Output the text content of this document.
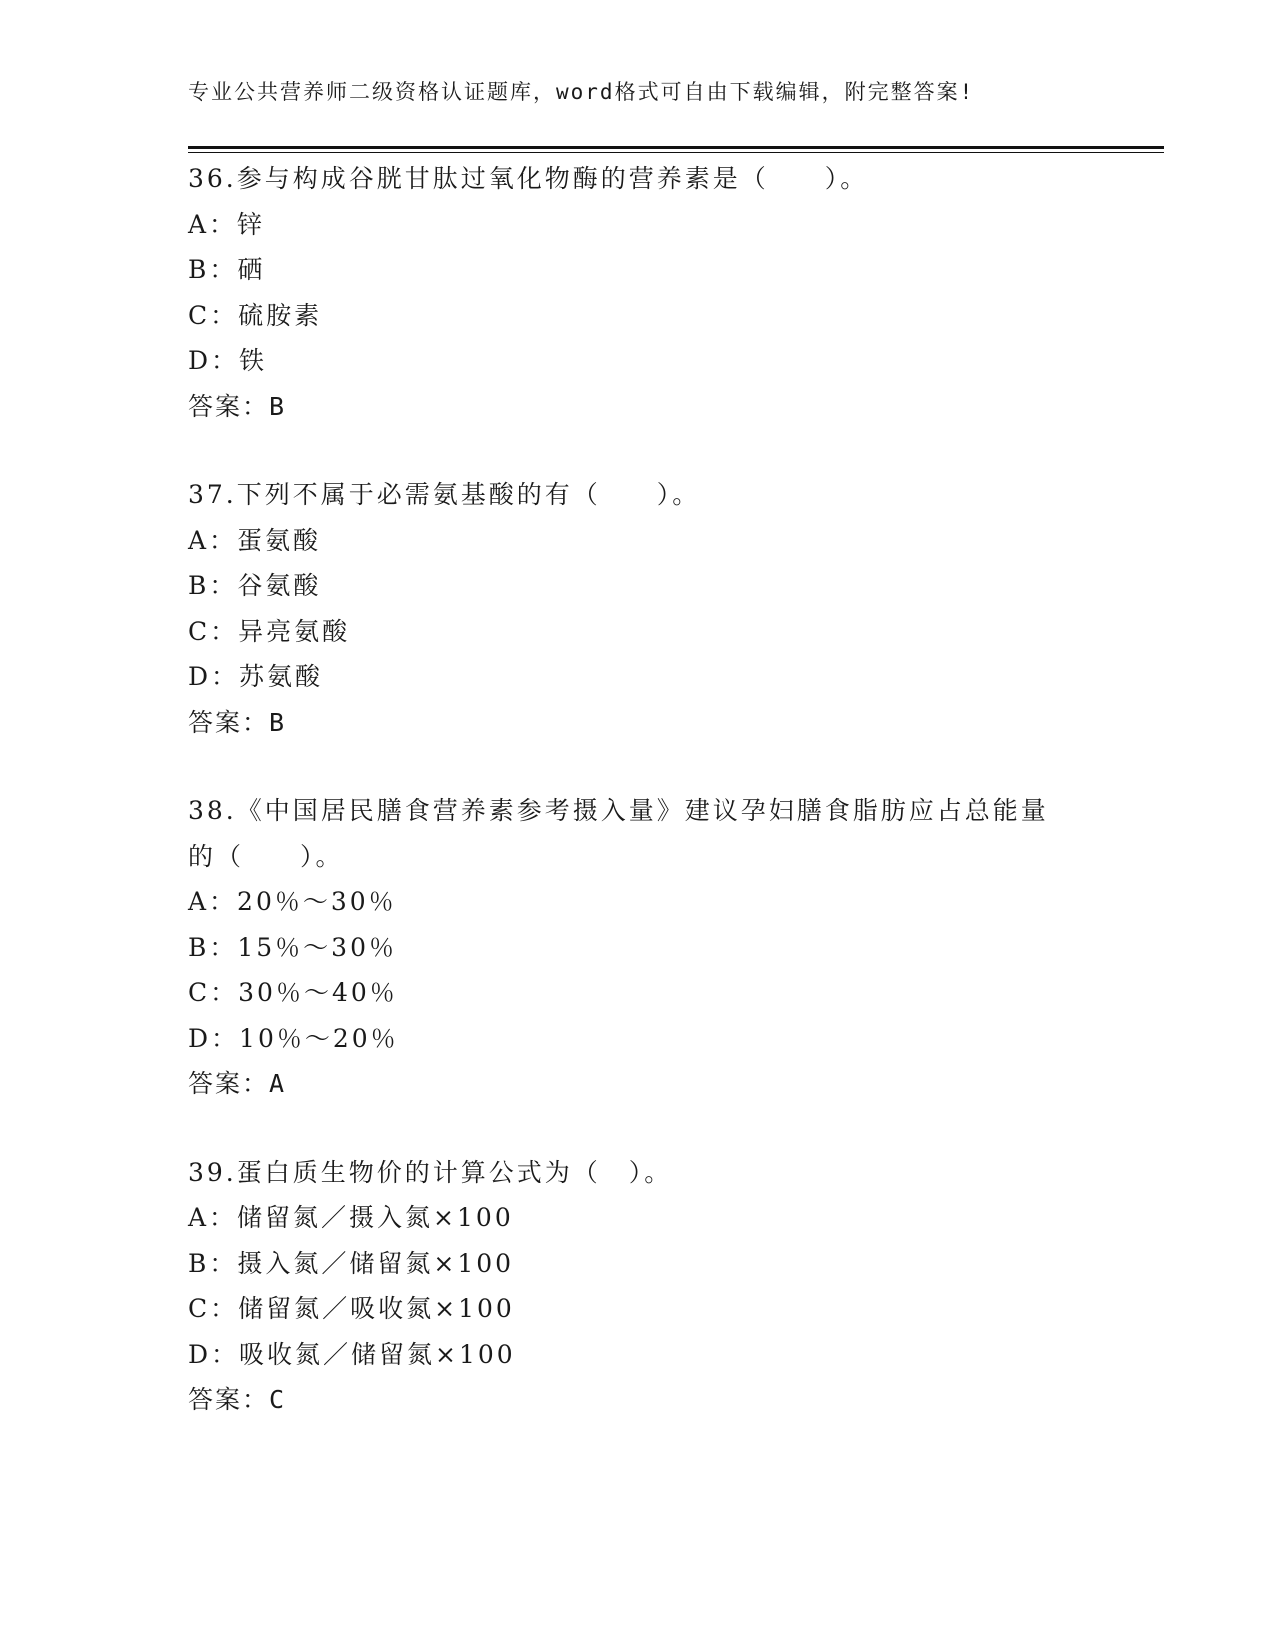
专业公共营养师二级资格认证题库，word格式可自由下载编辑，附完整答案!
36.参与构成谷胱甘肽过氧化物酶的营养素是（　　）。
A：锌
B：硒
C：硫胺素
D：铁
答案：B
37.下列不属于必需氨基酸的有（　　）。
A：蛋氨酸
B：谷氨酸
C：异亮氨酸
D：苏氨酸
答案：B
38.《中国居民膳食营养素参考摄入量》建议孕妇膳食脂肪应占总能量
的（　　）。
A：20％～30％
B：15％～30％
C：30％～40％
D：10％～20％
答案：A
39.蛋白质生物价的计算公式为（　）。
A：储留氮／摄入氮×100
B：摄入氮／储留氮×100
C：储留氮／吸收氮×100
D：吸收氮／储留氮×100
答案：C
